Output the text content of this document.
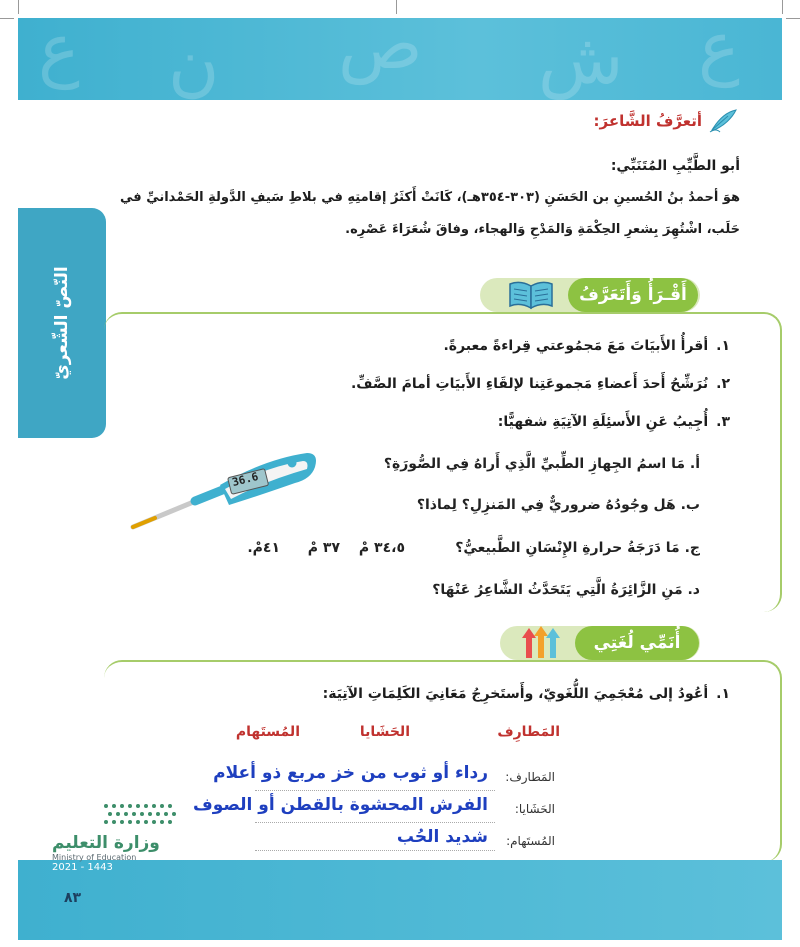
ع ن ص ش ع
أتعرَّفُ الشَّاعرَ:
أبو الطَّيِّبِ المُتَنَبِّي:
هوَ أحمدُ بنُ الحُسينِ بن الحَسَنِ (٣٠٣-٣٥٤هـ)، كَانَتْ أَكثَرُ إقامتِهِ في بلاطِ سَيفِ الدَّولةِ الحَمْدانيِّ في
حَلَب، اشْتُهِرَ بِشعرِ الحِكْمَةِ وَالمَدْحِ وَالهجاء، وفاقَ شُعَرَاءَ عَصْرِه.
النّصّ الشّعريّ	أَقْـرَأُ وَأَتَعَرَّفُ
١.أقرأُ الأَبيَاتَ مَعَ مَجمُوعتي قِراءةً معبرةً.
٢.نُرَشِّحُ أَحدَ أَعضاءِ مَجموعَتِنا لإلقَاءِ الأَبيَاتِ أمامَ الصَّفِّ.
٣.أُجِيبُ عَنِ الأَسئِلَةِ الآتِيَةِ شفهيًّا:
أ. مَا اسمُ الجِهازِ الطِّبيِّ الَّذِي أَراهُ فِي الصُّورَةِ؟
ب. هَل وجُودُهُ ضروريٌّ فِي المَنزِلِ؟ لِماذا؟
ج. مَا دَرَجَةُ حرارةِ الإِنْسَانِ الطَّبيعيُّ؟
٣٤،٥ مْ
٣٧ مْ
٤١مْ.
د. مَنِ الزَّائِرَةُ الَّتِي يَتَحَدَّثُ الشَّاعِرُ عَنْهَا؟
36.6
أُنَمِّي لُغَتِي
١.أعُودُ إلى مُعْجَمِيَ اللُّغَويّ، وأَستَخرِجُ مَعَانِيَ الكَلِمَاتِ الآتِيَة:
المَطارِف
الحَشَايا
المُستَهام
المَطارف:
رداء أو ثوب من خز مربع ذو أعلام
الحَشَايا:
الفرش المحشوة بالقطن أو الصوف
المُستَهام:
شديد الحُب
وزارة التعليم
Ministry of Education
2021 - 1443
٨٣
